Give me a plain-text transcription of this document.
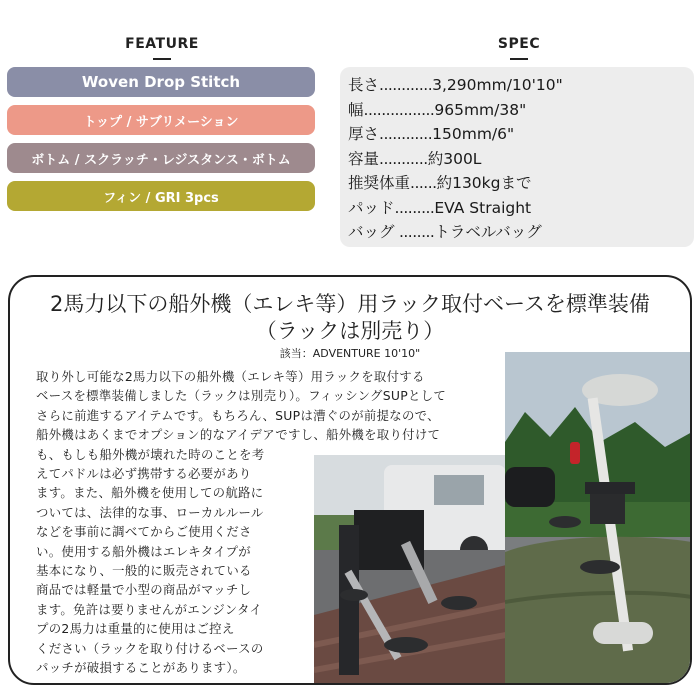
FEATURE	SPEC
Woven Drop Stitch
トップ / サブリメーション
ボトム / スクラッチ・レジスタンス・ボトム
フィン / GRI 3pcs
長さ............3,290mm/10'10"
幅................965mm/38"
厚さ............150mm/6"
容量...........約300L
推奨体重......約130kgまで
パッド.........EVA Straight
バッグ ........トラベルバッグ
2馬力以下の船外機（エレキ等）用ラック取付ベースを標準装備
（ラックは別売り）
該当：ADVENTURE 10'10"
取り外し可能な2馬力以下の船外機（エレキ等）用ラックを取付する
ベースを標準装備しました（ラックは別売り）。フィッシングSUPとして
さらに前進するアイテムです。もちろん、SUPは漕ぐのが前提なので、
船外機はあくまでオプション的なアイデアですし、船外機を取り付けて
も、もしも船外機が壊れた時のことを考
えてパドルは必ず携帯する必要があり
ます。また、船外機を使用しての航路に
ついては、法律的な事、ローカルルール
などを事前に調べてからご使用くださ
い。使用する船外機はエレキタイプが
基本になり、一般的に販売されている
商品では軽量で小型の商品がマッチし
ます。免許は要りませんがエンジンタイ
プの2馬力は重量的に使用はご控え
ください（ラックを取り付けるベースの
パッチが破損することがあります）。
